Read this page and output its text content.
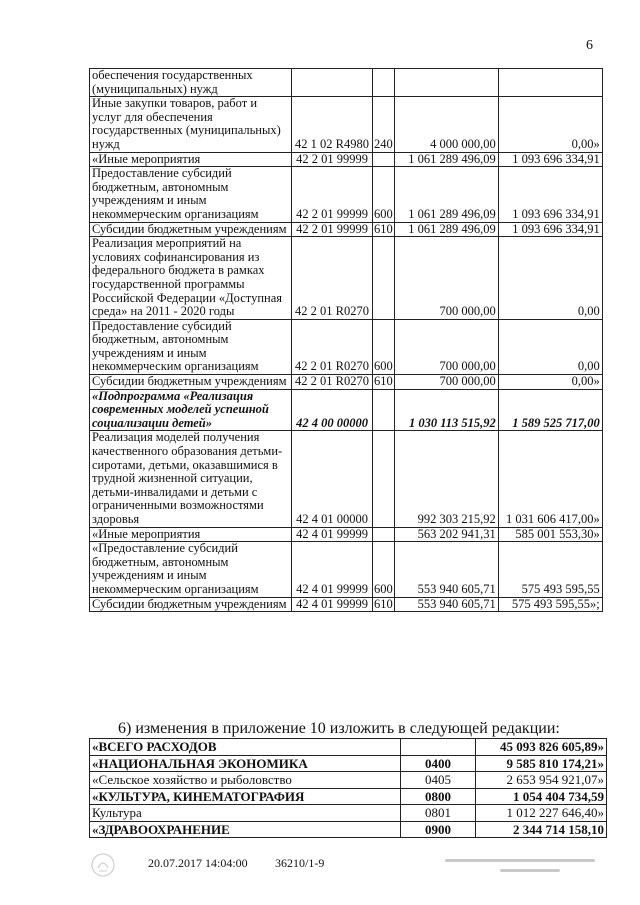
6
обеспечения государственных (муниципальных) нужд				
Иные закупки товаров, работ и услуг для обеспечения государственных (муниципальных) нужд	42 1 02 R4980	240	4 000 000,00	0,00»
«Иные мероприятия	42 2 01 99999		1 061 289 496,09	1 093 696 334,91
Предоставление субсидий бюджетным, автономным учреждениям и иным некоммерческим организациям	42 2 01 99999	600	1 061 289 496,09	1 093 696 334,91
Субсидии бюджетным учреждениям	42 2 01 99999	610	1 061 289 496,09	1 093 696 334,91
Реализация мероприятий на условиях софинансирования из федерального бюджета в рамках государственной программы Российской Федерации «Доступная среда» на 2011 - 2020 годы	42 2 01 R0270		700 000,00	0,00
Предоставление субсидий бюджетным, автономным учреждениям и иным некоммерческим организациям	42 2 01 R0270	600	700 000,00	0,00
Субсидии бюджетным учреждениям	42 2 01 R0270	610	700 000,00	0,00»
«Подпрограмма «Реализация современных моделей успешной социализации детей»	42 4 00 00000		1 030 113 515,92	1 589 525 717,00
Реализация моделей получения качественного образования детьми-сиротами, детьми, оказавшимися в трудной жизненной ситуации, детьми-инвалидами и детьми с ограниченными возможностями здоровья	42 4 01 00000		992 303 215,92	1 031 606 417,00»
«Иные мероприятия	42 4 01 99999		563 202 941,31	585 001 553,30»
«Предоставление субсидий бюджетным, автономным учреждениям и иным некоммерческим организациям	42 4 01 99999	600	553 940 605,71	575 493 595,55
Субсидии бюджетным учреждениям	42 4 01 99999	610	553 940 605,71	575 493 595,55»;
6) изменения в приложение 10 изложить в следующей редакции:
«ВСЕГО РАСХОДОВ		45 093 826 605,89»
«НАЦИОНАЛЬНАЯ ЭКОНОМИКА	0400	9 585 810 174,21»
«Сельское хозяйство и рыболовство	0405	2 653 954 921,07»
«КУЛЬТУРА, КИНЕМАТОГРАФИЯ	0800	1 054 404 734,59
Культура	0801	1 012 227 646,40»
«ЗДРАВООХРАНЕНИЕ	0900	2 344 714 158,10
20.07.2017 14:04:00 36210/1-9
